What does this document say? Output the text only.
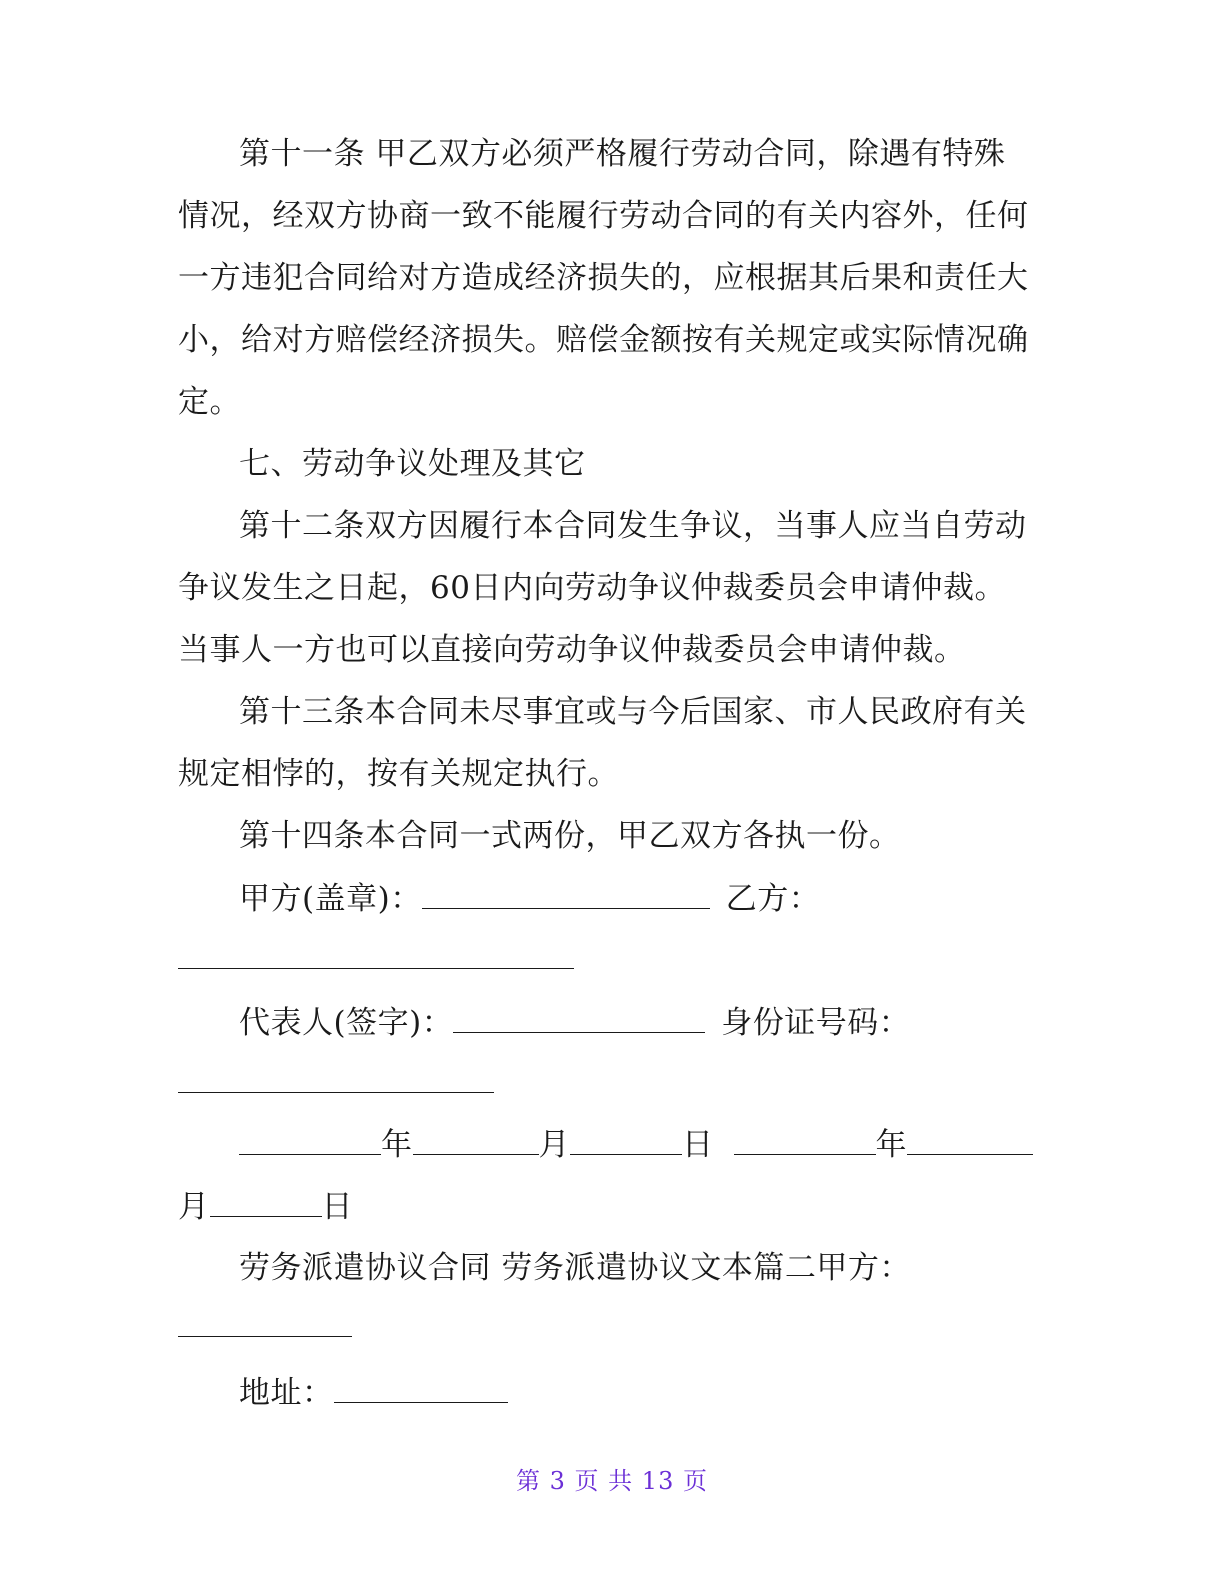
第十一条 甲乙双方必须严格履行劳动合同，除遇有特殊
情况，经双方协商一致不能履行劳动合同的有关内容外，任何
一方违犯合同给对方造成经济损失的，应根据其后果和责任大
小，给对方赔偿经济损失。赔偿金额按有关规定或实际情况确
定。
七、劳动争议处理及其它
第十二条双方因履行本合同发生争议，当事人应当自劳动
争议发生之日起，60日内向劳动争议仲裁委员会申请仲裁。
当事人一方也可以直接向劳动争议仲裁委员会申请仲裁。
第十三条本合同未尽事宜或与今后国家、市人民政府有关
规定相悖的，按有关规定执行。
第十四条本合同一式两份，甲乙双方各执一份。
甲方(盖章)：	乙方：
代表人(签字)：	身份证号码：
年	月	日	年
月	日
劳务派遣协议合同 劳务派遣协议文本篇二甲方：
地址：
第 3 页 共 13 页
